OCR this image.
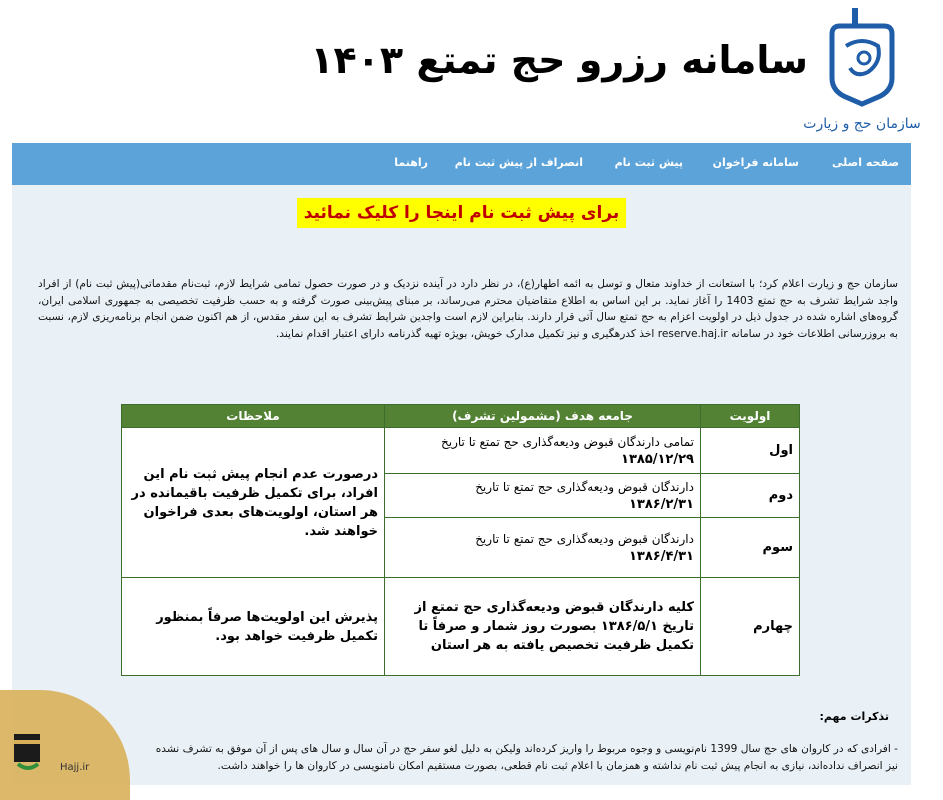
سازمان حج و زیارت
سامانه رزرو حج تمتع ۱۴۰۳
صفحه اصلی
سامانه فراخوان
پیش ثبت نام
انصراف از پیش ثبت نام
راهنما
برای پیش ثبت نام اینجا را کلیک نمائید
سازمان حج و زیارت اعلام کرد؛ با استعانت از خداوند متعال و توسل به ائمه اطهار(ع)، در نظر دارد در آینده نزدیک و در صورت حصول تمامی شرایط لازم، ثبت‌نام مقدماتی(پیش ثبت نام) از افراد واجد شرایط تشرف به حج تمتع 1403 را آغاز نماید. بر این اساس به اطلاع متقاضیان محترم می‌رساند، بر مبنای پیش‌بینی صورت گرفته و به حسب ظرفیت تخصیصی به جمهوری اسلامی ایران، گروه‌های اشاره شده در جدول ذیل در اولویت اعزام به حج تمتع سال آتی قرار دارند. بنابراین لازم است واجدین شرایط تشرف به این سفر مقدس، از هم اکنون ضمن انجام برنامه‌ریزی لازم، نسبت به بروزرسانی اطلاعات خود در سامانه reserve.haj.ir اخذ کدرهگیری و نیز تکمیل مدارک خویش، بویژه تهیه گذرنامه دارای اعتبار اقدام نمایند.
اولویت	جامعه هدف (مشمولین تشرف)	ملاحظات
اول	تمامی دارندگان قبوض ودیعه‌گذاری حج تمتع تا تاریخ
۱۳۸۵/۱۲/۲۹	درصورت عدم انجام پیش ثبت نام این افراد، برای تکمیل ظرفیت باقیمانده در هر استان، اولویت‌های بعدی فراخوان خواهند شد.
دوم	دارندگان قبوض ودیعه‌گذاری حج تمتع تا تاریخ
۱۳۸۶/۲/۳۱	

سوم	دارندگان قبوض ودیعه‌گذاری حج تمتع تا تاریخ
۱۳۸۶/۴/۳۱	

چهارم	کلیه دارندگان قبوض ودیعه‌گذاری حج تمتع از تاریخ ۱۳۸۶/۵/۱ بصورت روز شمار و صرفاً تا تکمیل ظرفیت تخصیص یافته به هر استان	پذیرش این اولویت‌ها صرفاً بمنظور تکمیل ظرفیت خواهد بود.
تذکرات مهم:
- افرادی که در کاروان های حج سال 1399 نام‌نویسی و وجوه مربوط را واریز کرده‌اند ولیکن به دلیل لغو سفر حج در آن سال و سال های پس از آن موفق به تشرف نشده
نیز انصراف نداده‌اند، نیازی به انجام پیش ثبت نام نداشته و همزمان با اعلام ثبت نام قطعی، بصورت مستقیم امکان نامنویسی در کاروان ها را خواهند داشت.
Hajj.ir
